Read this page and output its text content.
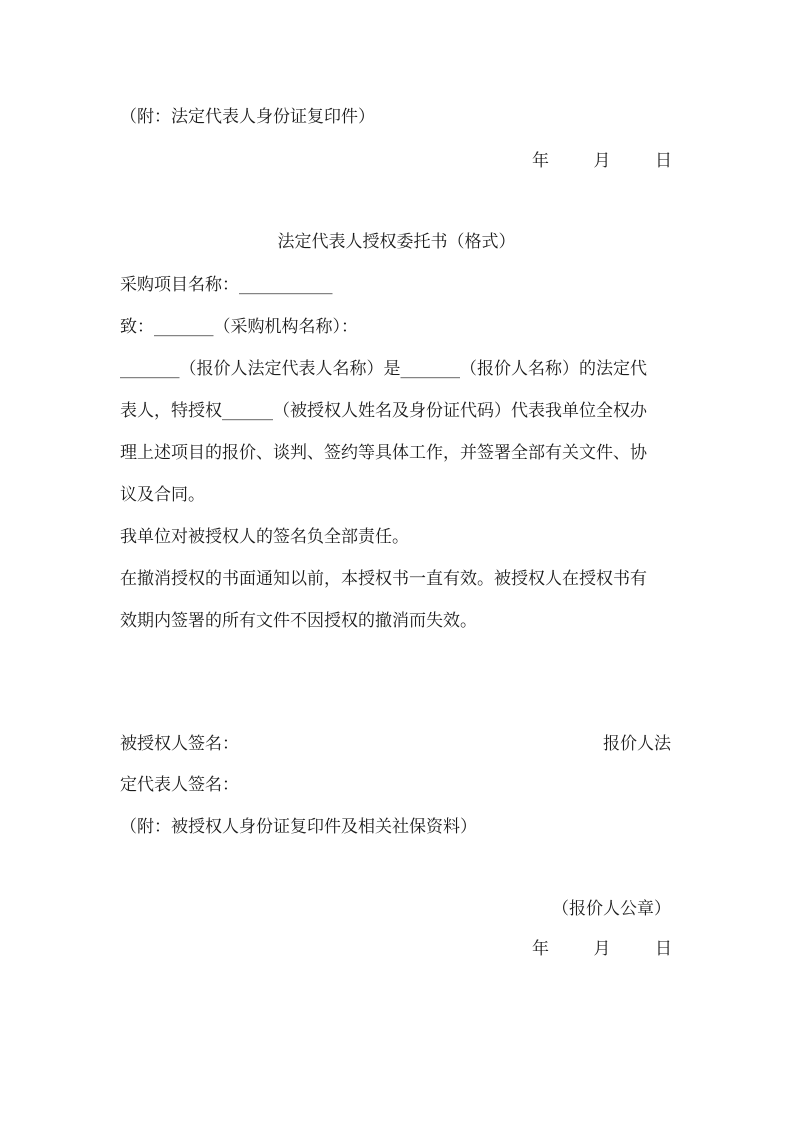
（附：法定代表人身份证复印件）
年	月	日
法定代表人授权委托书（格式）
采购项目名称：___________
致：_______（采购机构名称）：
_______（报价人法定代表人名称）是_______（报价人名称）的法定代
表人，特授权______（被授权人姓名及身份证代码）代表我单位全权办
理上述项目的报价、谈判、签约等具体工作，并签署全部有关文件、协
议及合同。
我单位对被授权人的签名负全部责任。
在撤消授权的书面通知以前，本授权书一直有效。被授权人在授权书有
效期内签署的所有文件不因授权的撤消而失效。
被授权人签名：	报价人法
定代表人签名：
（附：被授权人身份证复印件及相关社保资料）
（报价人公章）
年	月	日
